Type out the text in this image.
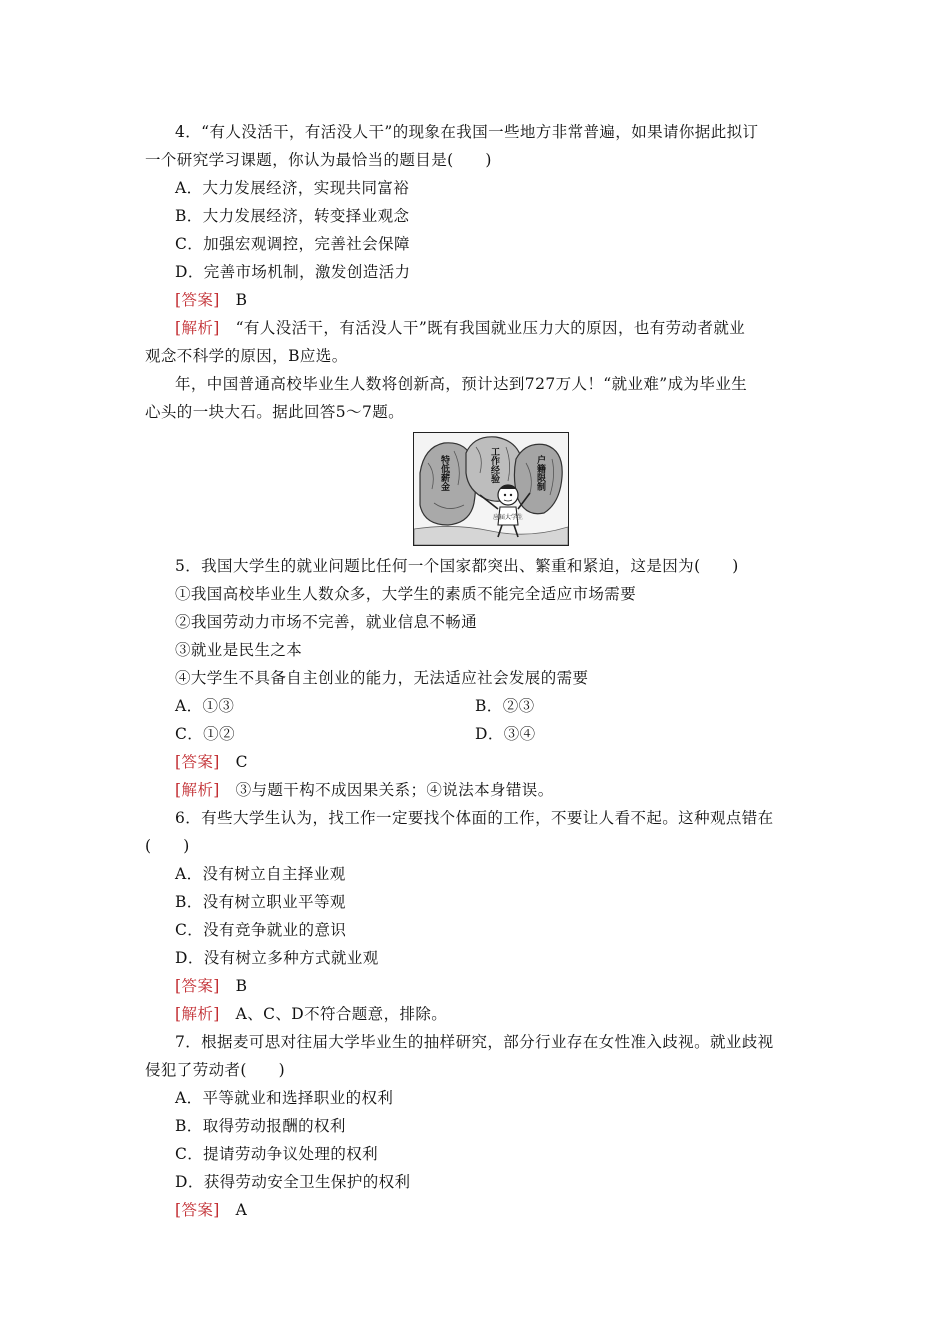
4．“有人没活干，有活没人干”的现象在我国一些地方非常普遍，如果请你据此拟订
一个研究学习课题，你认为最恰当的题目是(　　)
A．大力发展经济，实现共同富裕
B．大力发展经济，转变择业观念
C．加强宏观调控，完善社会保障
D．完善市场机制，激发创造活力
[答案]　B
[解析]　“有人没活干，有活没人干”既有我国就业压力大的原因，也有劳动者就业
观念不科学的原因，B应选。
年，中国普通高校毕业生人数将创新高，预计达到727万人！“就业难”成为毕业生
心头的一块大石。据此回答5～7题。
特低薪金	工作经验	户籍限制
应届大学生
5．我国大学生的就业问题比任何一个国家都突出、繁重和紧迫，这是因为(　　)
①我国高校毕业生人数众多，大学生的素质不能完全适应市场需要
②我国劳动力市场不完善，就业信息不畅通
③就业是民生之本
④大学生不具备自主创业的能力，无法适应社会发展的需要
A．①③	B．②③
C．①②	D．③④
[答案]　C
[解析]　③与题干构不成因果关系；④说法本身错误。
6．有些大学生认为，找工作一定要找个体面的工作，不要让人看不起。这种观点错在
(　　)
A．没有树立自主择业观
B．没有树立职业平等观
C．没有竞争就业的意识
D．没有树立多种方式就业观
[答案]　B
[解析]　A、C、D不符合题意，排除。
7．根据麦可思对往届大学毕业生的抽样研究，部分行业存在女性准入歧视。就业歧视
侵犯了劳动者(　　)
A．平等就业和选择职业的权利
B．取得劳动报酬的权利
C．提请劳动争议处理的权利
D．获得劳动安全卫生保护的权利
[答案]　A
